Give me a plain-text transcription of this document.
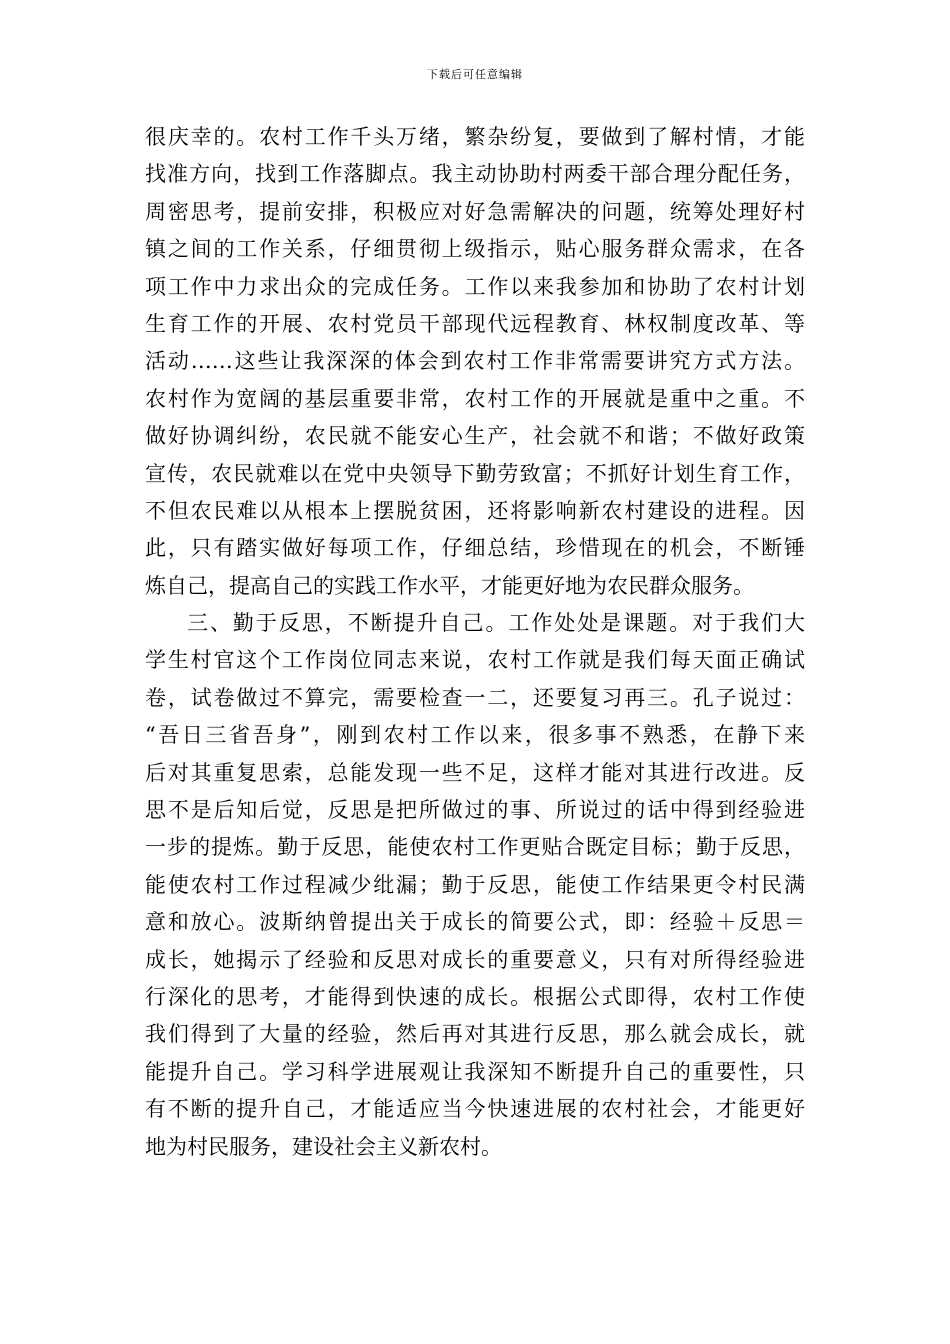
下载后可任意编辑
很庆幸的。农村工作千头万绪，繁杂纷复，要做到了解村情，才能
找准方向，找到工作落脚点。我主动协助村两委干部合理分配任务，
周密思考，提前安排，积极应对好急需解决的问题，统筹处理好村
镇之间的工作关系，仔细贯彻上级指示，贴心服务群众需求，在各
项工作中力求出众的完成任务。工作以来我参加和协助了农村计划
生育工作的开展、农村党员干部现代远程教育、林权制度改革、等
活动……这些让我深深的体会到农村工作非常需要讲究方式方法。
农村作为宽阔的基层重要非常，农村工作的开展就是重中之重。不
做好协调纠纷，农民就不能安心生产，社会就不和谐；不做好政策
宣传，农民就难以在党中央领导下勤劳致富；不抓好计划生育工作，
不但农民难以从根本上摆脱贫困，还将影响新农村建设的进程。因
此，只有踏实做好每项工作，仔细总结，珍惜现在的机会，不断锤
炼自己，提高自己的实践工作水平，才能更好地为农民群众服务。
三、勤于反思，不断提升自己。工作处处是课题。对于我们大
学生村官这个工作岗位同志来说，农村工作就是我们每天面正确试
卷，试卷做过不算完，需要检查一二，还要复习再三。孔子说过：
“吾日三省吾身”，刚到农村工作以来，很多事不熟悉，在静下来
后对其重复思索，总能发现一些不足，这样才能对其进行改进。反
思不是后知后觉，反思是把所做过的事、所说过的话中得到经验进
一步的提炼。勤于反思，能使农村工作更贴合既定目标；勤于反思，
能使农村工作过程减少纰漏；勤于反思，能使工作结果更令村民满
意和放心。波斯纳曾提出关于成长的简要公式，即：经验＋反思＝
成长，她揭示了经验和反思对成长的重要意义，只有对所得经验进
行深化的思考，才能得到快速的成长。根据公式即得，农村工作使
我们得到了大量的经验，然后再对其进行反思，那么就会成长，就
能提升自己。学习科学进展观让我深知不断提升自己的重要性，只
有不断的提升自己，才能适应当今快速进展的农村社会，才能更好
地为村民服务，建设社会主义新农村。
